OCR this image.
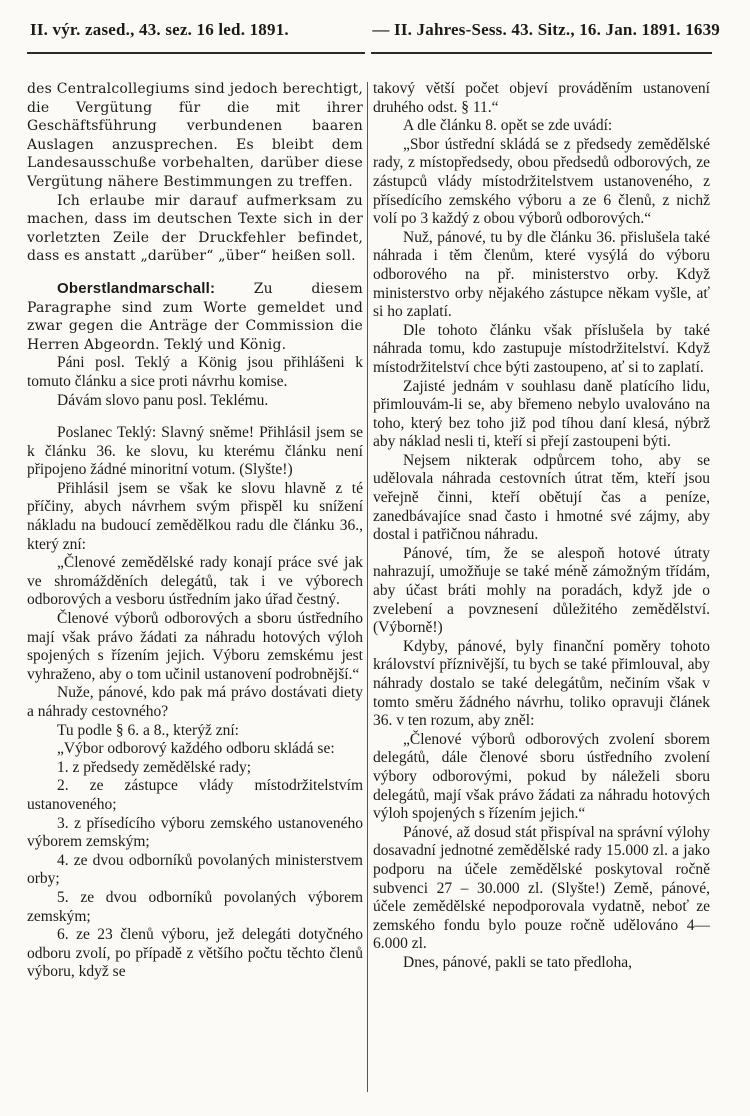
II. výr. zased., 43. sez. 16 led. 1891.	— II. Jahres-Sess. 43. Sitz., 16. Jan. 1891. 1639

des Centralcollegiums sind jedoch berechtigt, die Vergütung für die mit ihrer Geschäftsführung verbundenen baaren Auslagen anzusprechen. Es bleibt dem Landesausschuße vorbehalten, darüber diese Vergütung nähere Bestimmungen zu treffen.

Ich erlaube mir darauf aufmerksam zu machen, dass im deutschen Texte sich in der vorletzten Zeile der Druckfehler befindet, dass es anstatt „darüber“ „über“ heißen soll.

Oberstlandmarschall: Zu diesem Paragraphe sind zum Worte gemeldet und zwar gegen die Anträge der Commission die Herren Abgeordn. Teklý und König.

Páni posl. Teklý a König jsou přihlášeni k tomuto článku a sice proti návrhu komise.

Dávám slovo panu posl. Teklému.

Poslanec Teklý: Slavný sněme! Přihlásil jsem se k článku 36. ke slovu, ku kterému článku není připojeno žádné minoritní votum. (Slyšte!)

Přihlásil jsem se však ke slovu hlavně z té příčiny, abych návrhem svým přispěl ku snížení nákladu na budoucí zemědělkou radu dle článku 36., který zní:

„Členové zemědělské rady konají práce své jak ve shromážděních delegátů, tak i ve výborech odborových a vesboru ústředním jako úřad čestný.

Členové výborů odborových a sboru ústředního mají však právo žádati za náhradu hotových výloh spojených s řízením jejich. Výboru zemskému jest vyhraženo, aby o tom učinil ustanovení podrobnější.“

Nuže, pánové, kdo pak má právo dostávati diety a náhrady cestovného?

Tu podle § 6. a 8., kterýž zní:

„Výbor odborový každého odboru skládá se:

1. z předsedy zemědělské rady;

2. ze zástupce vlády místodržitelstvím ustanoveného;

3. z přísedícího výboru zemského ustanoveného výborem zemským;

4. ze dvou odborníků povolaných ministerstvem orby;

5. ze dvou odborníků povolaných výborem zemským;

6. ze 23 členů výboru, jež delegáti dotyčného odboru zvolí, po případě z většího počtu těchto členů výboru, když se

takový větší počet objeví prováděním ustanovení druhého odst. § 11.“

A dle článku 8. opět se zde uvádí:

„Sbor ústřední skládá se z předsedy zemědělské rady, z místopředsedy, obou předsedů odborových, ze zástupců vlády místodržitelstvem ustanoveného, z přísedícího zemského výboru a ze 6 členů, z nichž volí po 3 každý z obou výborů odborových.“

Nuž, pánové, tu by dle článku 36. přislušela také náhrada i těm členům, které vysýlá do výboru odborového na př. ministerstvo orby. Když ministerstvo orby nějakého zástupce někam vyšle, ať si ho zaplatí.

Dle tohoto článku však příslušela by také náhrada tomu, kdo zastupuje místodržitelství. Když místodržitelství chce býti zastoupeno, ať si to zaplatí.

Zajisté jednám v souhlasu daně platícího lidu, přimlouvám-li se, aby břemeno nebylo uvalováno na toho, který bez toho již pod tíhou daní klesá, nýbrž aby náklad nesli ti, kteří si přejí zastoupeni býti.

Nejsem nikterak odpůrcem toho, aby se udělovala náhrada cestovních útrat těm, kteří jsou veřejně činni, kteří obětují čas a peníze, zanedbávajíce snad často i hmotné své zájmy, aby dostal i patřičnou náhradu.

Pánové, tím, že se alespoň hotové útraty nahrazují, umožňuje se také méně zámožným třídám, aby účast bráti mohly na poradách, když jde o zvelebení a povznesení důležitého zemědělství. (Výborně!)

Kdyby, pánové, byly finanční poměry tohoto království příznivější, tu bych se také přimlouval, aby náhrady dostalo se také delegátům, nečiním však v tomto směru žádného návrhu, toliko opravuji článek 36. v ten rozum, aby zněl:

„Členové výborů odborových zvolení sborem delegátů, dále členové sboru ústředního zvolení výbory odborovými, pokud by náleželi sboru delegátů, mají však právo žádati za náhradu hotových výloh spojených s řízením jejich.“

Pánové, až dosud stát přispíval na správní výlohy dosavadní jednotné zemědělské rady 15.000 zl. a jako podporu na účele zemědělské poskytoval ročně subvenci 27 – 30.000 zl. (Slyšte!) Země, pánové, účele zemědělské nepodporovala vydatně, neboť ze zemského fondu bylo pouze ročně udělováno 4—6.000 zl.

Dnes, pánové, pakli se tato předloha,
